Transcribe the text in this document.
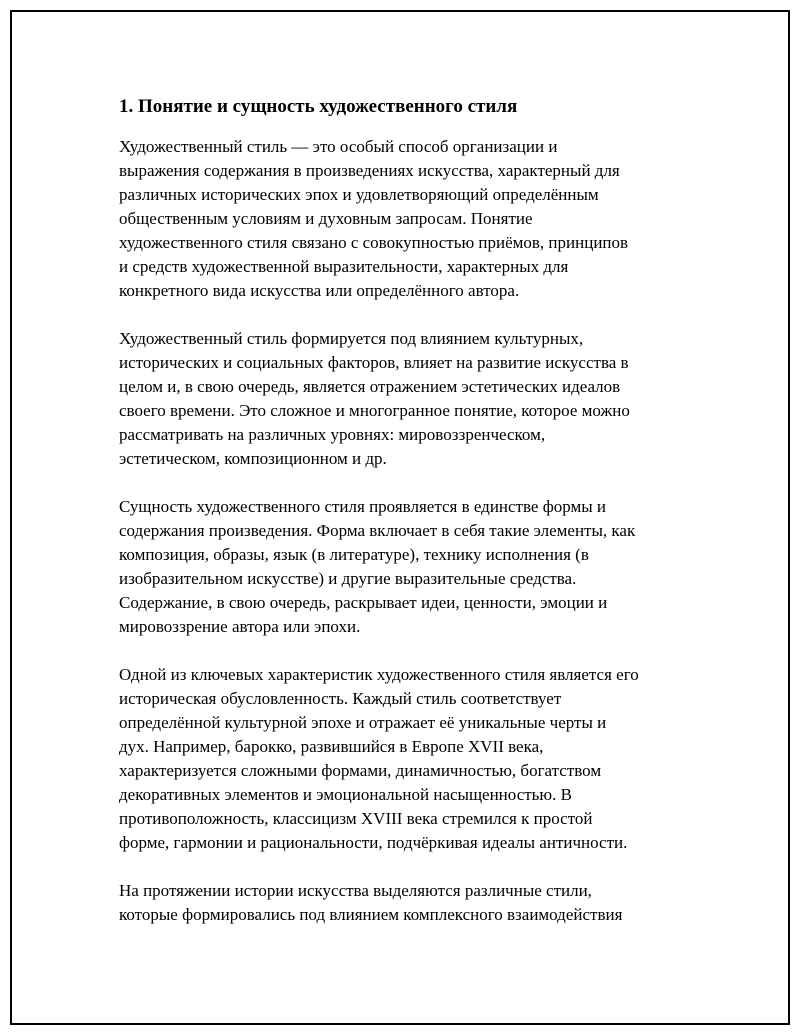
1. Понятие и сущность художественного стиля
Художественный стиль — это особый способ организации и
выражения содержания в произведениях искусства, характерный для
различных исторических эпох и удовлетворяющий определённым
общественным условиям и духовным запросам. Понятие
художественного стиля связано с совокупностью приёмов, принципов
и средств художественной выразительности, характерных для
конкретного вида искусства или определённого автора.
Художественный стиль формируется под влиянием культурных,
исторических и социальных факторов, влияет на развитие искусства в
целом и, в свою очередь, является отражением эстетических идеалов
своего времени. Это сложное и многогранное понятие, которое можно
рассматривать на различных уровнях: мировоззренческом,
эстетическом, композиционном и др.
Сущность художественного стиля проявляется в единстве формы и
содержания произведения. Форма включает в себя такие элементы, как
композиция, образы, язык (в литературе), технику исполнения (в
изобразительном искусстве) и другие выразительные средства.
Содержание, в свою очередь, раскрывает идеи, ценности, эмоции и
мировоззрение автора или эпохи.
Одной из ключевых характеристик художественного стиля является его
историческая обусловленность. Каждый стиль соответствует
определённой культурной эпохе и отражает её уникальные черты и
дух. Например, барокко, развившийся в Европе XVII века,
характеризуется сложными формами, динамичностью, богатством
декоративных элементов и эмоциональной насыщенностью. В
противоположность, классицизм XVIII века стремился к простой
форме, гармонии и рациональности, подчёркивая идеалы античности.
На протяжении истории искусства выделяются различные стили,
которые формировались под влиянием комплексного взаимодействия
